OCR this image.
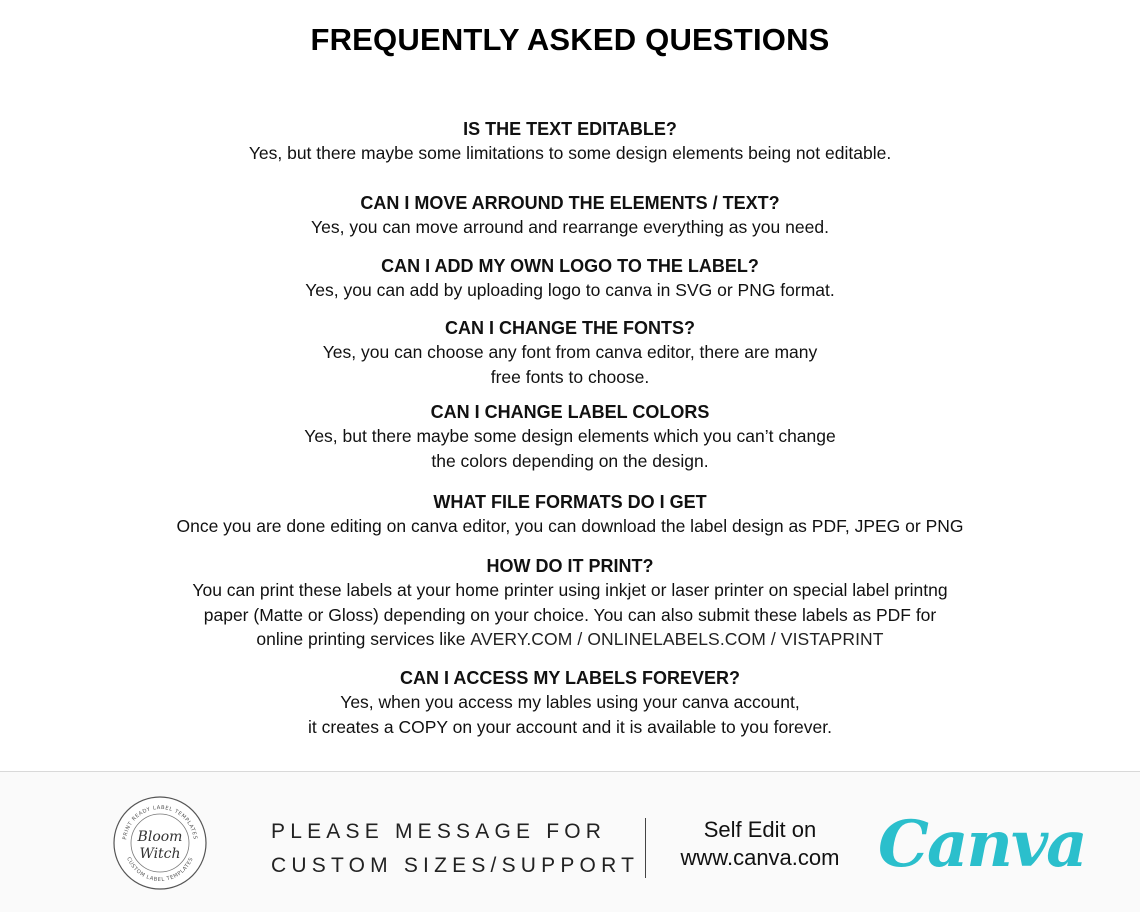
FREQUENTLY ASKED QUESTIONS
IS THE TEXT EDITABLE?
Yes, but there maybe some limitations to some design elements being not editable.
CAN I MOVE ARROUND THE ELEMENTS / TEXT?
Yes, you can move arround and rearrange everything as you need.
CAN I ADD MY OWN LOGO TO THE LABEL?
Yes, you can add by uploading logo to canva in SVG or PNG format.
CAN I CHANGE THE FONTS?
Yes, you can choose any font from canva editor, there are many
free fonts to choose.
CAN I CHANGE LABEL COLORS
Yes, but there maybe some design elements which you can’t change
the colors depending on the design.
WHAT FILE FORMATS DO I GET
Once you are done editing on canva editor, you can download the label design as PDF, JPEG or PNG
HOW DO IT PRINT?
You can print these labels at your home printer using inkjet or laser printer on special label printng
paper (Matte or Gloss) depending on your choice. You can also submit these labels as PDF for
online printing services like AVERY.COM / ONLINELABELS.COM / VISTAPRINT
CAN I ACCESS MY LABELS FOREVER?
Yes, when you access my lables using your canva account,
it creates a COPY on your account and it is available to you forever.
PRINT READY LABEL TEMPLATES
CUSTOM LABEL TEMPLATES
Bloom
Witch
PLEASE MESSAGE FOR
CUSTOM SIZES/SUPPORT
Self Edit on
www.canva.com Canva
